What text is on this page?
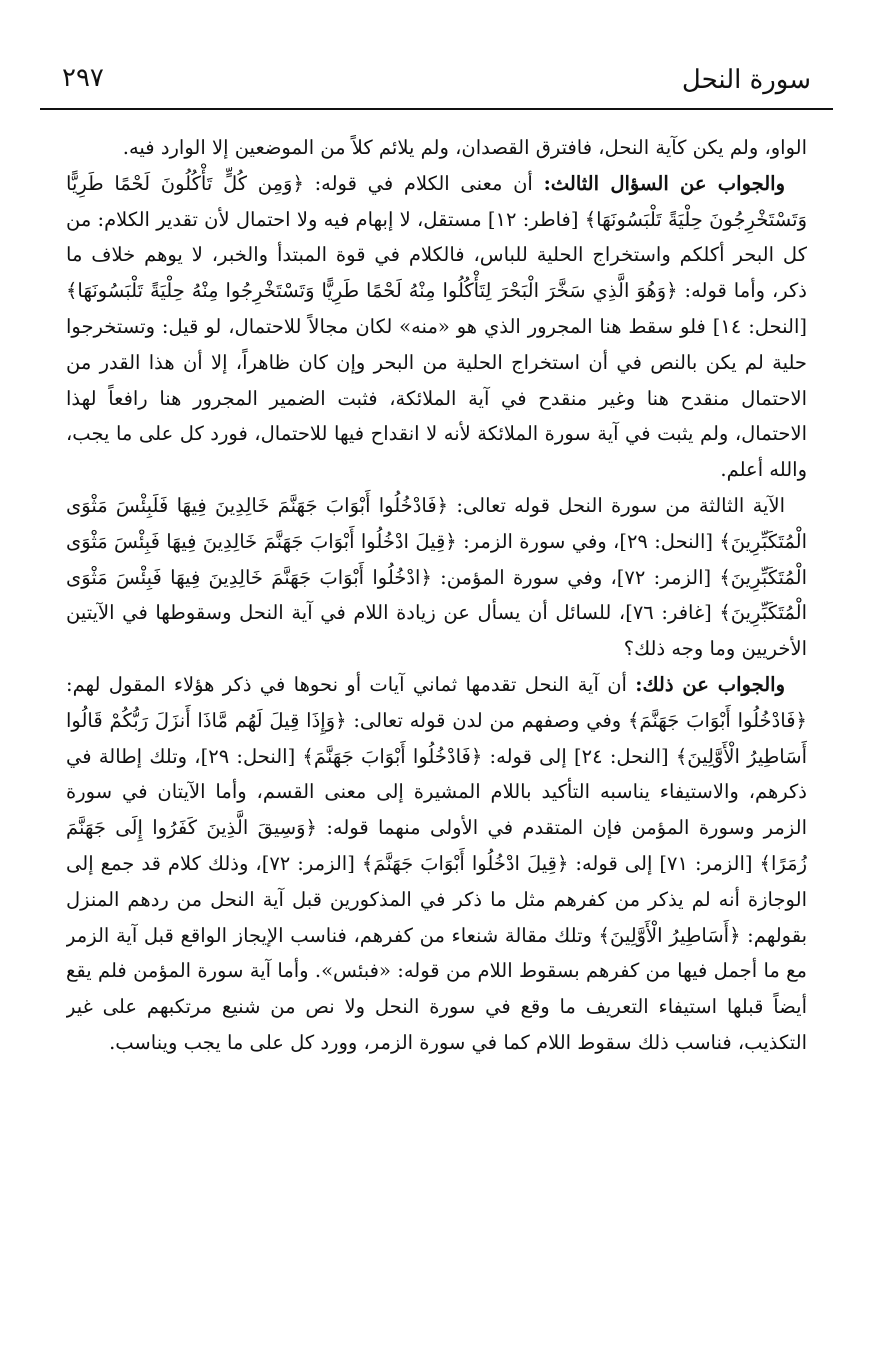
سورة النحل
٢٩٧

الواو، ولم يكن كآية النحل، فافترق القصدان، ولم يلائم كلاً من الموضعين إلا الوارد فيه.

والجواب عن السؤال الثالث: أن معنى الكلام في قوله: ﴿وَمِن كُلٍّ تَأْكُلُونَ لَحْمًا طَرِيًّا وَتَسْتَخْرِجُونَ حِلْيَةً تَلْبَسُونَهَا﴾ [فاطر: ١٢] مستقل، لا إبهام فيه ولا احتمال لأن تقدير الكلام: من كل البحر أكلكم واستخراج الحلية للباس، فالكلام في قوة المبتدأ والخبر، لا يوهم خلاف ما ذكر، وأما قوله: ﴿وَهُوَ الَّذِي سَخَّرَ الْبَحْرَ لِتَأْكُلُوا مِنْهُ لَحْمًا طَرِيًّا وَتَسْتَخْرِجُوا مِنْهُ حِلْيَةً تَلْبَسُونَهَا﴾ [النحل: ١٤] فلو سقط هنا المجرور الذي هو «منه» لكان مجالاً للاحتمال، لو قيل: وتستخرجوا حلية لم يكن بالنص في أن استخراج الحلية من البحر وإن كان ظاهراً، إلا أن هذا القدر من الاحتمال منقدح هنا وغير منقدح في آية الملائكة، فثبت الضمير المجرور هنا رافعاً لهذا الاحتمال، ولم يثبت في آية سورة الملائكة لأنه لا انقداح فيها للاحتمال، فورد كل على ما يجب، والله أعلم.

الآية الثالثة من سورة النحل قوله تعالى: ﴿فَادْخُلُوا أَبْوَابَ جَهَنَّمَ خَالِدِينَ فِيهَا فَلَبِئْسَ مَثْوَى الْمُتَكَبِّرِينَ﴾ [النحل: ٢٩]، وفي سورة الزمر: ﴿قِيلَ ادْخُلُوا أَبْوَابَ جَهَنَّمَ خَالِدِينَ فِيهَا فَبِئْسَ مَثْوَى الْمُتَكَبِّرِينَ﴾ [الزمر: ٧٢]، وفي سورة المؤمن: ﴿ادْخُلُوا أَبْوَابَ جَهَنَّمَ خَالِدِينَ فِيهَا فَبِئْسَ مَثْوَى الْمُتَكَبِّرِينَ﴾ [غافر: ٧٦]، للسائل أن يسأل عن زيادة اللام في آية النحل وسقوطها في الآيتين الأخريين وما وجه ذلك؟

والجواب عن ذلك: أن آية النحل تقدمها ثماني آيات أو نحوها في ذكر هؤلاء المقول لهم: ﴿فَادْخُلُوا أَبْوَابَ جَهَنَّمَ﴾ وفي وصفهم من لدن قوله تعالى: ﴿وَإِذَا قِيلَ لَهُم مَّاذَا أَنزَلَ رَبُّكُمْ قَالُوا أَسَاطِيرُ الْأَوَّلِينَ﴾ [النحل: ٢٤] إلى قوله: ﴿فَادْخُلُوا أَبْوَابَ جَهَنَّمَ﴾ [النحل: ٢٩]، وتلك إطالة في ذكرهم، والاستيفاء يناسبه التأكيد باللام المشيرة إلى معنى القسم، وأما الآيتان في سورة الزمر وسورة المؤمن فإن المتقدم في الأولى منهما قوله: ﴿وَسِيقَ الَّذِينَ كَفَرُوا إِلَى جَهَنَّمَ زُمَرًا﴾ [الزمر: ٧١] إلى قوله: ﴿قِيلَ ادْخُلُوا أَبْوَابَ جَهَنَّمَ﴾ [الزمر: ٧٢]، وذلك كلام قد جمع إلى الوجازة أنه لم يذكر من كفرهم مثل ما ذكر في المذكورين قبل آية النحل من ردهم المنزل بقولهم: ﴿أَسَاطِيرُ الْأَوَّلِينَ﴾ وتلك مقالة شنعاء من كفرهم، فناسب الإيجاز الواقع قبل آية الزمر مع ما أجمل فيها من كفرهم بسقوط اللام من قوله: «فبئس». وأما آية سورة المؤمن فلم يقع أيضاً قبلها استيفاء التعريف ما وقع في سورة النحل ولا نص من شنيع مرتكبهم على غير التكذيب، فناسب ذلك سقوط اللام كما في سورة الزمر، وورد كل على ما يجب ويناسب.
